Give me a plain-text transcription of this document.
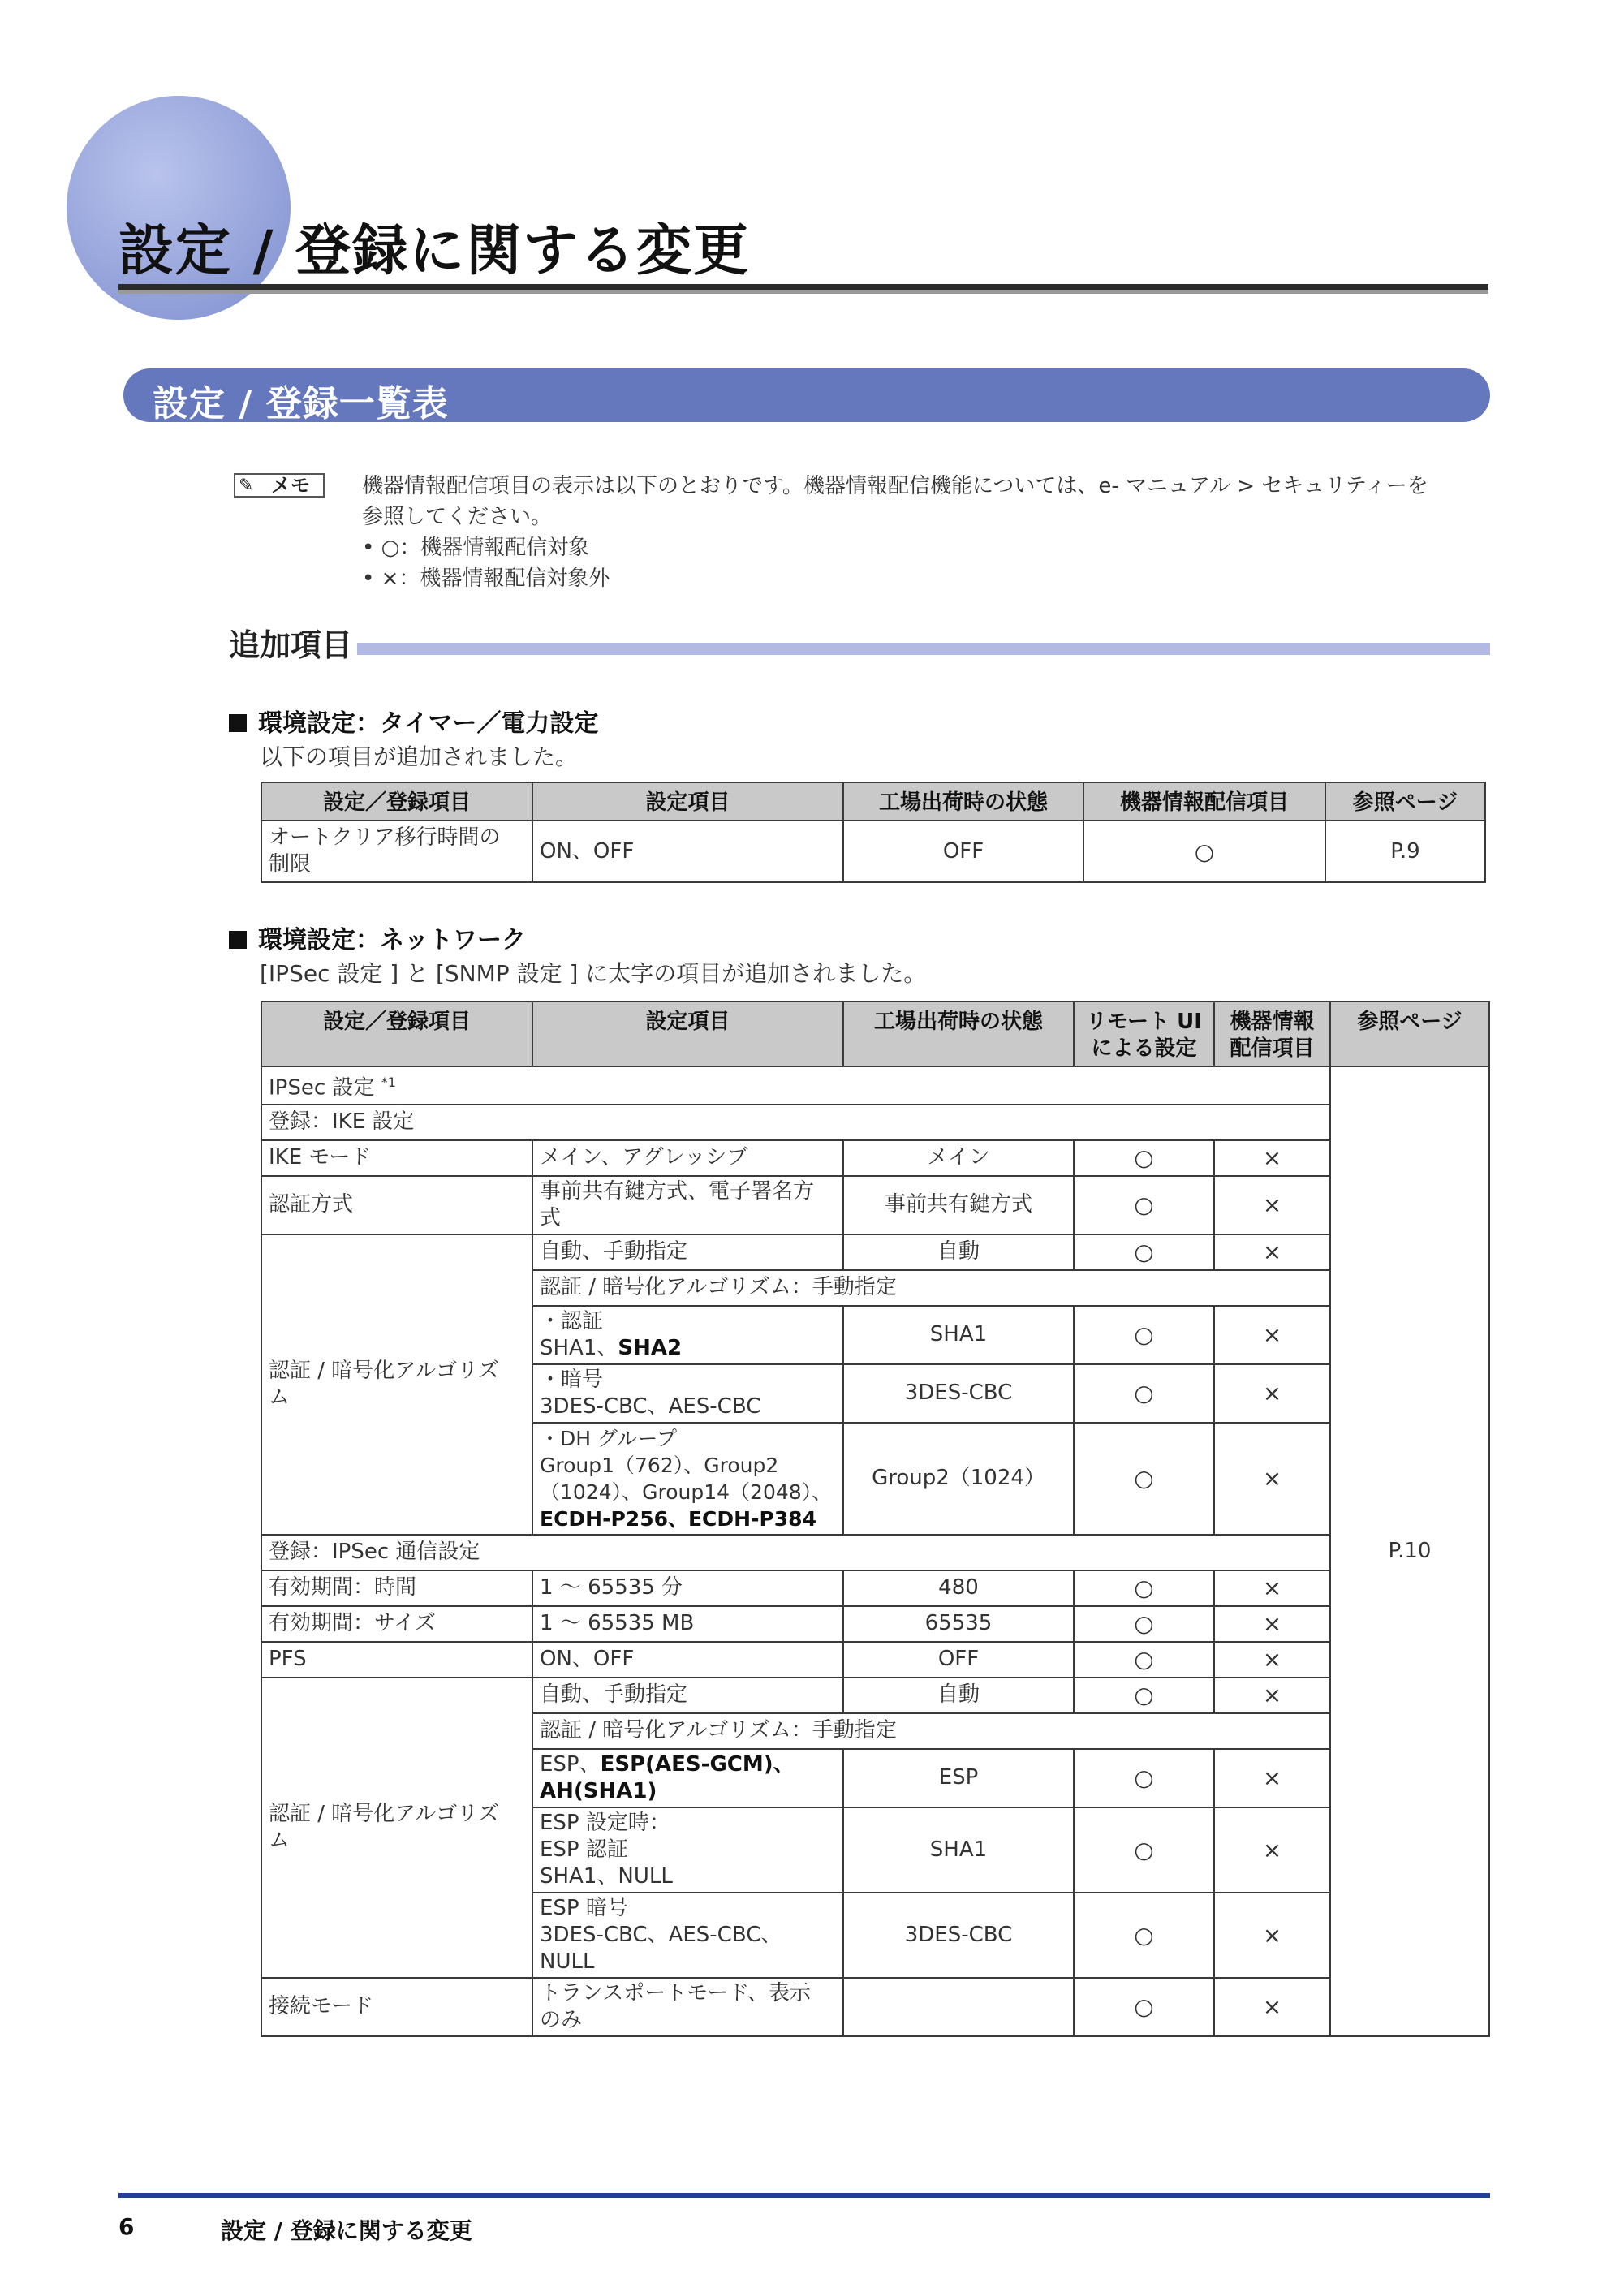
設定 / 登録に関する変更
設定 / 登録一覧表
✎ メモ 機器情報配信項目の表示は以下のとおりです。機器情報配信機能については、e- マニュアル > セキュリティーを
参照してください。
• ○：機器情報配信対象
• ×：機器情報配信対象外
追加項目
環境設定：タイマー／電力設定

以下の項目が追加されました。

設定／登録項目	設定項目	工場出荷時の状態	機器情報配信項目	参照ページ

オートクリア移行時間の
制限	ON、OFF	OFF	○	P.9
環境設定：ネットワーク

[IPSec 設定 ] と [SNMP 設定 ] に太字の項目が追加されました。

設定／登録項目	設定項目	工場出荷時の状態	リモート UI
による設定	機器情報
配信項目	参照ページ
IPSec 設定 $^{*1}$					P.10
登録：IKE 設定					
IKE モード	メイン、アグレッシブ	メイン	○	×	
認証方式	事前共有鍵方式、電子署名方
式	事前共有鍵方式	○	×	

認証 / 暗号化アルゴリズ
ム	自動、手動指定	自動	○	×	
	認証 / 暗号化アルゴリズム：手動指定				

	・認証
SHA1、SHA2	SHA1	○	×	

	・暗号
3DES-CBC、AES-CBC	3DES-CBC	○	×	

	・DH グループ
Group1（762）、Group2
（1024）、Group14（2048）、
ECDH-P256、ECDH-P384	Group2（1024）	○	×	
登録：IPSec 通信設定					
有効期間：時間	1 ～ 65535 分	480	○	×	
有効期間：サイズ	1 ～ 65535 MB	65535	○	×	
PFS	ON、OFF	OFF	○	×	

認証 / 暗号化アルゴリズ
ム	自動、手動指定	自動	○	×	
	認証 / 暗号化アルゴリズム：手動指定				

	ESP、ESP(AES-GCM)、
AH(SHA1)	ESP	○	×	

	ESP 設定時：
ESP 認証
SHA1、NULL	SHA1	○	×	

	ESP 暗号
3DES-CBC、AES-CBC、NULL	3DES-CBC	○	×	
接続モード	トランスポートモード、表示
のみ		○	×	
6	設定 / 登録に関する変更
